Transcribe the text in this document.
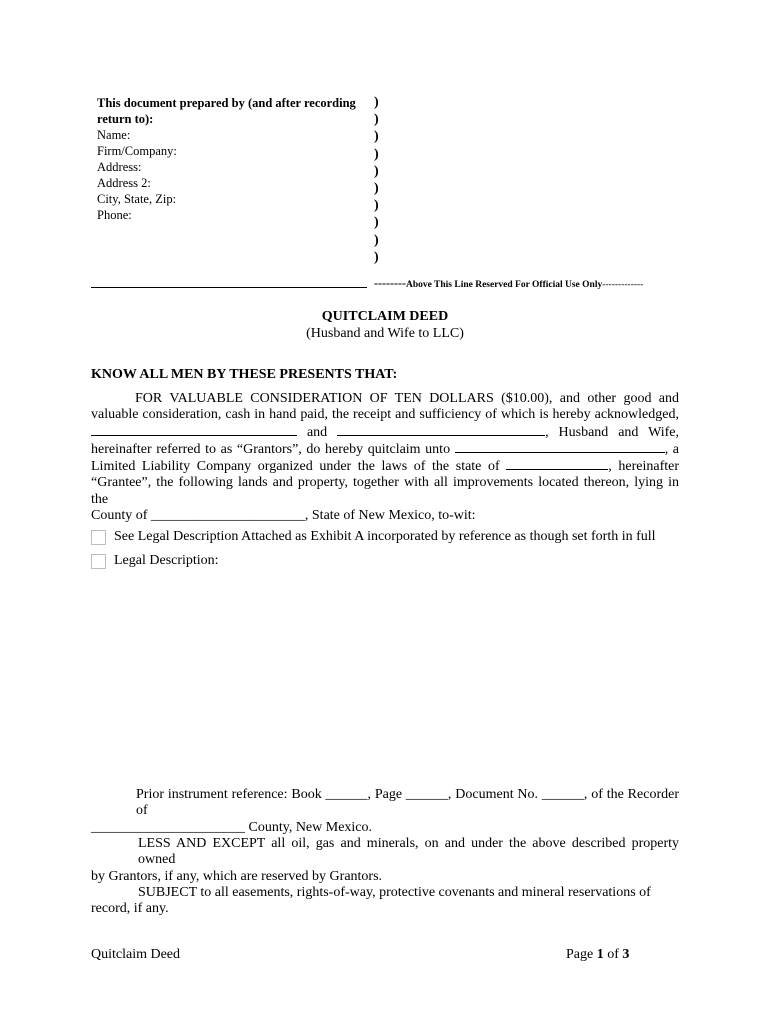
This document prepared by (and after recording
return to):
Name:
Firm/Company:
Address:
Address 2:
City, State, Zip:
Phone:
)
)
)
)
)
)
)
)
)
)
--------Above This Line Reserved For Official Use Only-------------
QUITCLAIM DEED
(Husband and Wife to LLC)
KNOW ALL MEN BY THESE PRESENTS THAT:
FOR VALUABLE CONSIDERATION OF TEN DOLLARS ($10.00), and other good and
valuable consideration, cash in hand paid, the receipt and sufficiency of which is hereby acknowledged,
and	, Husband and Wife,
hereinafter referred to as “Grantors”, do hereby quitclaim unto	, a
Limited Liability Company organized under the laws of the state of	, hereinafter
“Grantee”, the following lands and property, together with all improvements located thereon, lying in the
County of ______________________, State of New Mexico, to-wit:
See Legal Description Attached as Exhibit A incorporated by reference as though set forth in full
Legal Description:
Prior instrument reference: Book ______, Page ______, Document No. ______, of the Recorder of
______________________ County, New Mexico.
LESS AND EXCEPT all oil, gas and minerals, on and under the above described property owned
by Grantors, if any, which are reserved by Grantors.
SUBJECT to all easements, rights-of-way, protective covenants and mineral reservations of
record, if any.
Quitclaim Deed	Page 1 of 3
